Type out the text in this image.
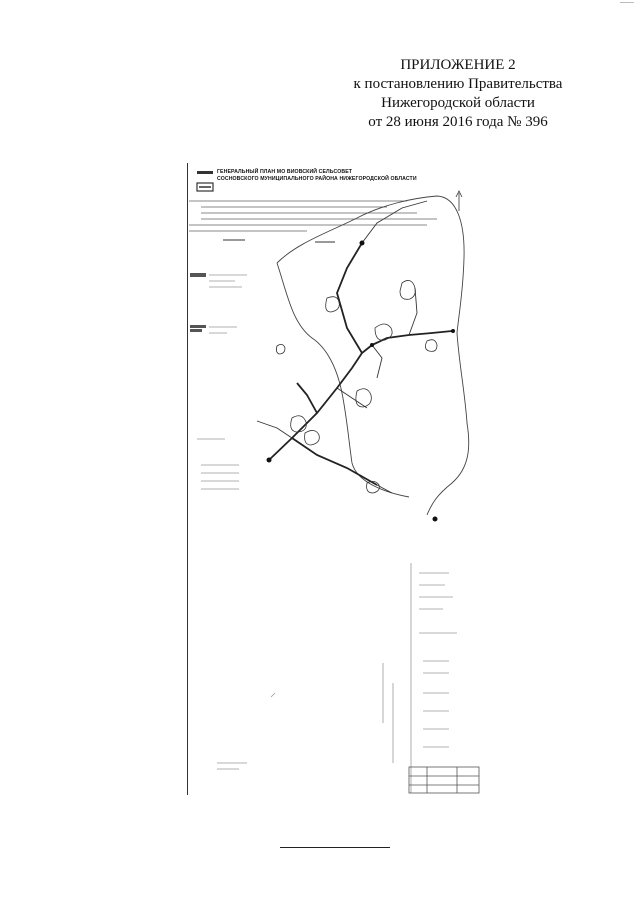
ПРИЛОЖЕНИЕ 2
к постановлению Правительства
Нижегородской области
от 28 июня 2016 года № 396
ГЕНЕРАЛЬНЫЙ ПЛАН МО ВИОВСКИЙ СЕЛЬСОВЕТ
СОСНОВСКОГО МУНИЦИПАЛЬНОГО РАЙОНА НИЖЕГОРОДСКОЙ ОБЛАСТИ
